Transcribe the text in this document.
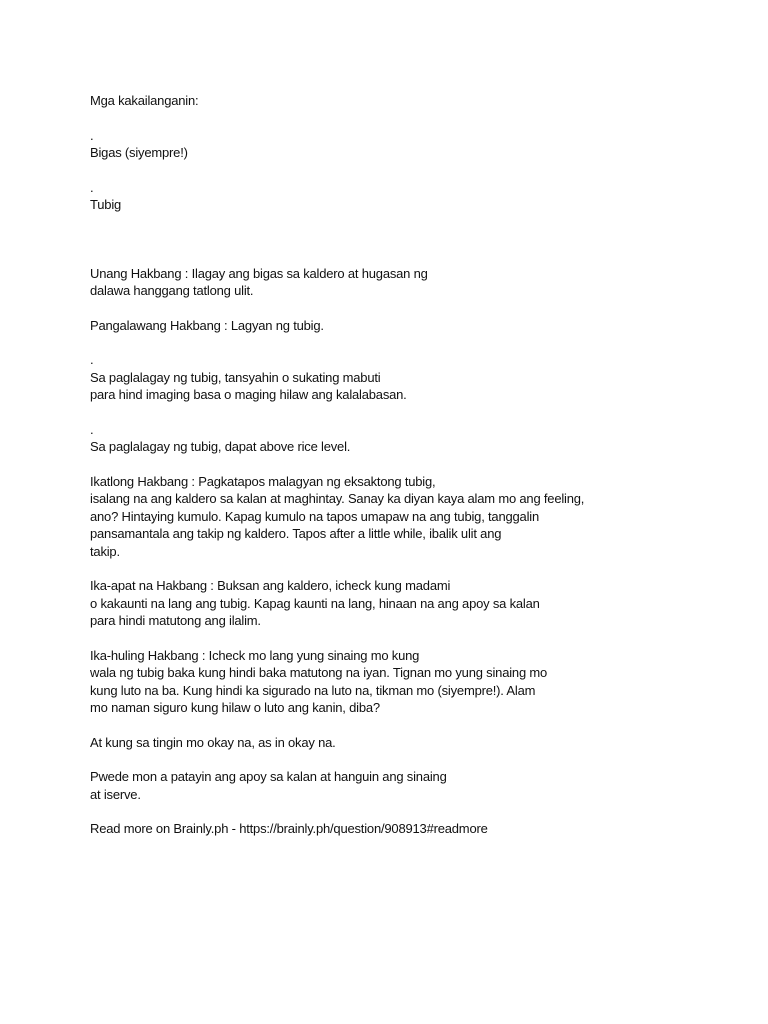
Mga kakailanganin:

.
Bigas (siyempre!)
.
Tubig

Unang Hakbang : Ilagay ang bigas sa kaldero at hugasan ng
dalawa hanggang tatlong ulit.

Pangalawang Hakbang : Lagyan ng tubig.

.
Sa paglalagay ng tubig, tansyahin o sukating mabuti
para hind imaging basa o maging hilaw ang kalalabasan.
.
Sa paglalagay ng tubig, dapat above rice level.

Ikatlong Hakbang : Pagkatapos malagyan ng eksaktong tubig,
isalang na ang kaldero sa kalan at maghintay. Sanay ka diyan kaya alam mo ang feeling,
ano? Hintaying kumulo. Kapag kumulo na tapos umapaw na ang tubig, tanggalin
pansamantala ang takip ng kaldero. Tapos after a little while, ibalik ulit ang
takip.

Ika-apat na Hakbang : Buksan ang kaldero, icheck kung madami
o kakaunti na lang ang tubig. Kapag kaunti na lang, hinaan na ang apoy sa kalan
para hindi matutong ang ilalim.

Ika-huling Hakbang : Icheck mo lang yung sinaing mo kung
wala ng tubig baka kung hindi baka matutong na iyan. Tignan mo yung sinaing mo
kung luto na ba. Kung hindi ka sigurado na luto na, tikman mo (siyempre!). Alam
mo naman siguro kung hilaw o luto ang kanin, diba?

At kung sa tingin mo okay na, as in okay na.

Pwede mon a patayin ang apoy sa kalan at hanguin ang sinaing
at iserve.

Read more on Brainly.ph - https://brainly.ph/question/908913#readmore
